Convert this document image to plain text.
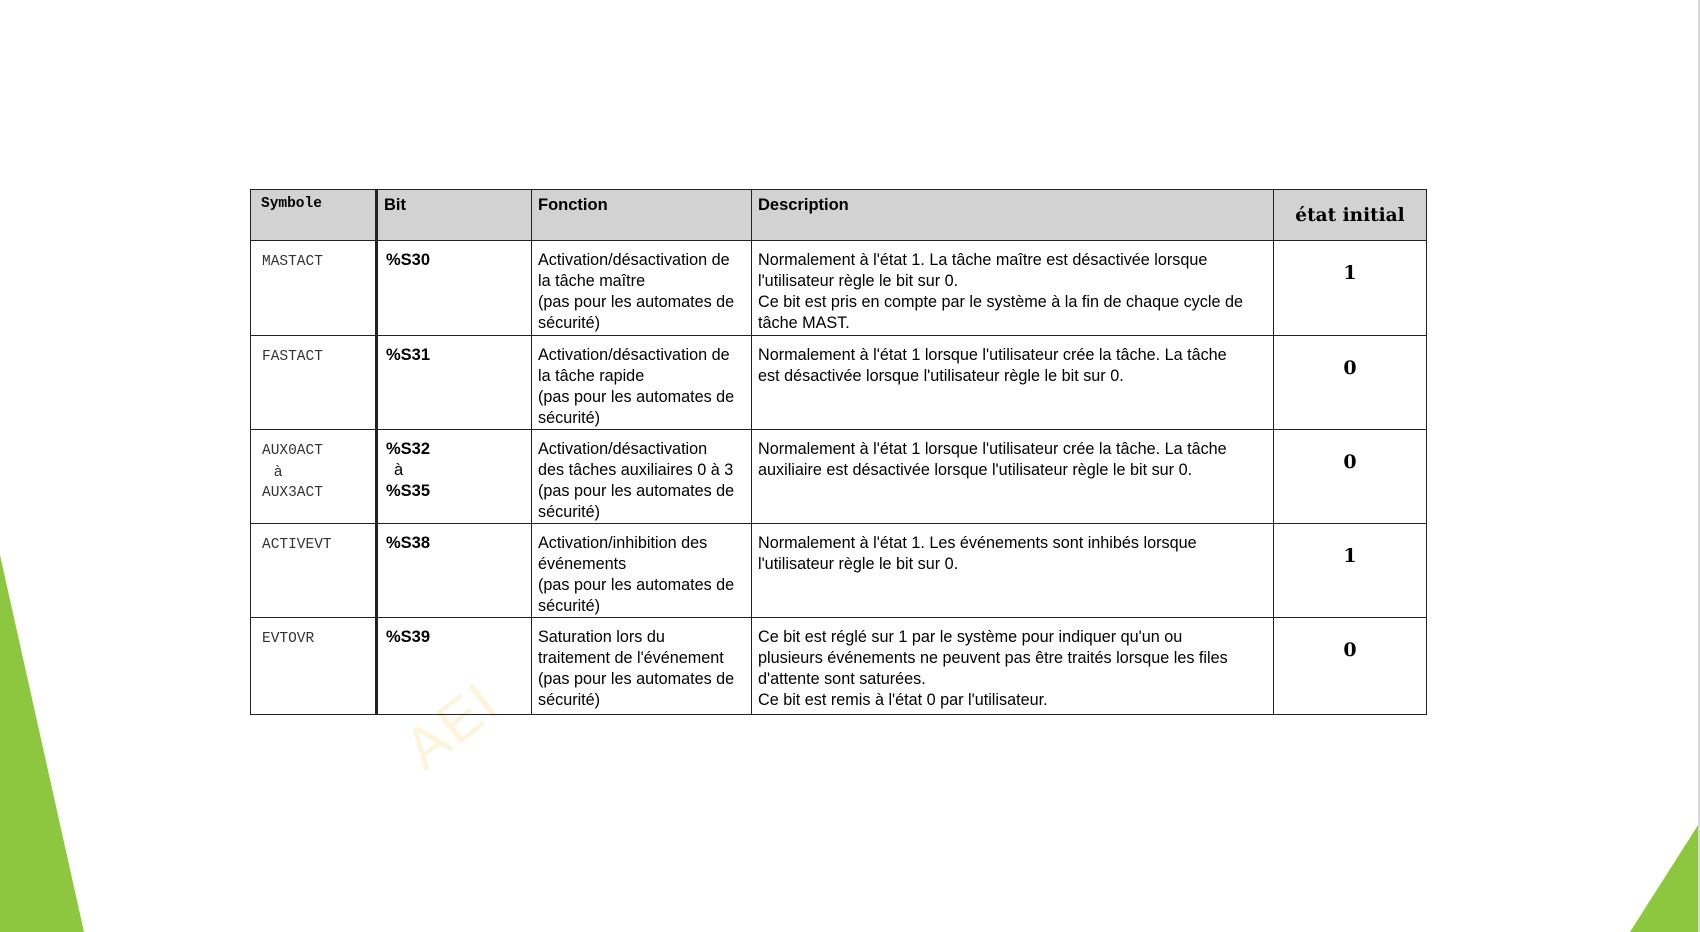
AEI
Symbole	Bit	Fonction	Description	état initial

MASTACT	%S30	Activation/désactivation de
la tâche maître
(pas pour les automates de
sécurité)	Normalement à l'état 1. La tâche maître est désactivée lorsque
l'utilisateur règle le bit sur 0.
Ce bit est pris en compte par le système à la fin de chaque cycle de
tâche MAST.	1

FASTACT	%S31	Activation/désactivation de
la tâche rapide
(pas pour les automates de
sécurité)	Normalement à l'état 1 lorsque l'utilisateur crée la tâche. La tâche
est désactivée lorsque l'utilisateur règle le bit sur 0.	0

AUX0ACT
à
AUX3ACT	%S32
à
%S35	Activation/désactivation
des tâches auxiliaires 0 à 3
(pas pour les automates de
sécurité)	Normalement à l'état 1 lorsque l'utilisateur crée la tâche. La tâche
auxiliaire est désactivée lorsque l'utilisateur règle le bit sur 0.	0

ACTIVEVT	%S38	Activation/inhibition des
événements
(pas pour les automates de
sécurité)	Normalement à l'état 1. Les événements sont inhibés lorsque
l'utilisateur règle le bit sur 0.	1

EVTOVR	%S39	Saturation lors du
traitement de l'événement
(pas pour les automates de
sécurité)	Ce bit est réglé sur 1 par le système pour indiquer qu'un ou
plusieurs événements ne peuvent pas être traités lorsque les files
d'attente sont saturées.
Ce bit est remis à l'état 0 par l'utilisateur.	0
